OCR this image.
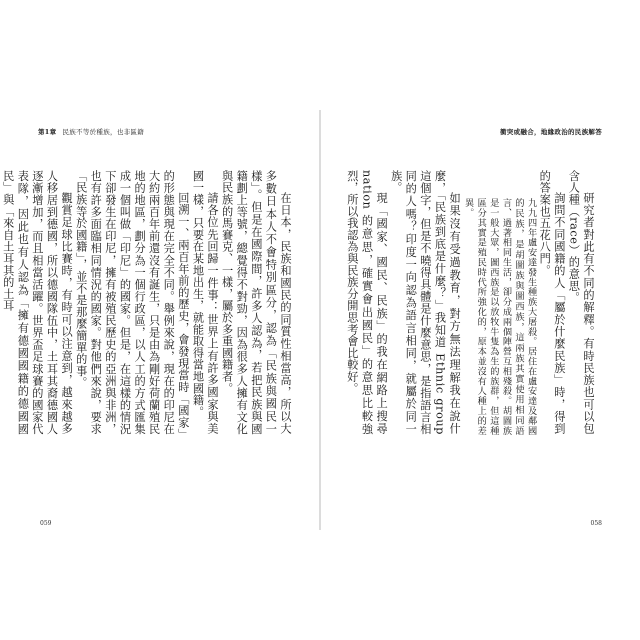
第1章 民族不等於種族，也非區籍

在日本，民族和國民的同質性相當高，所以大多數日本人不會特別區分，認為「民族與國民一樣」。但是在國際間，許多人認為，若把民族與國籍劃上等號，總覺得不對勁，因為很多人擁有文化與民族的馬賽克、一樣，屬於多重國籍者。

請各位先回歸一件事：世界上有許多國家與美國一樣，只要在某地出生，就能取得當地國籍。

回溯一、兩百年前的歷史，會發現當時「國家」的形態與現在完全不同。舉例來說，現在的印尼在大約兩百年前還沒有誕生，只是由為剛好荷蘭殖民地的地區，劃分為一個行政區，以人工的方式匯集成一個叫做「印尼」的國家。但是，在這樣的情況下卻發生在印尼，擁有被殖民歷史的亞洲與非洲，也有許多面臨相同情況的國家。對他們來說，要求「民族等於國籍」，並不是那麼簡單的事。

觀賞足球比賽時，有時可以注意到，越來越多人移居到德國，所以德國隊伍中，土耳其裔德國人逐漸增加，而且相當活躍。世界盃足球賽的國家代表隊，因此也有人認為「擁有德國國籍的德國國民」與「來自土耳其的土耳

059
衝突或融合，地緣政治的民族解答

研究者對此有不同的解釋。有時民族也可以包含人種（race）的意思。

詢問不同國籍的人「屬於什麼民族」時，得到的答案也五花八門。

九九四年盧安達發生種族大屠殺。居住在盧安達及鄰國的民族，是胡圖族與圖西族，這兩族其實使用相同語言、過著相同生活，卻分成兩個陣營互相殘殺。胡圖族是一般大眾，圖西族是以放牧牛隻為生的族群，但這種區分其實是殖民時代所強化的，原本並沒有人種上的差異。

如果沒有受過教育，對方無法理解我在說什麼，「民族到底是什麼？」我知道 Ethnic group 這個字，但是不曉得具體是什麼意思，是指語言相同的人嗎？印度一向認為語言相同，就屬於同一族。

現「國家、國民、民族」的我在網路上搜尋 nation 的意思，確實會出國民」的意思比較強烈，所以我認為與民族分開思考會比較好。

058
